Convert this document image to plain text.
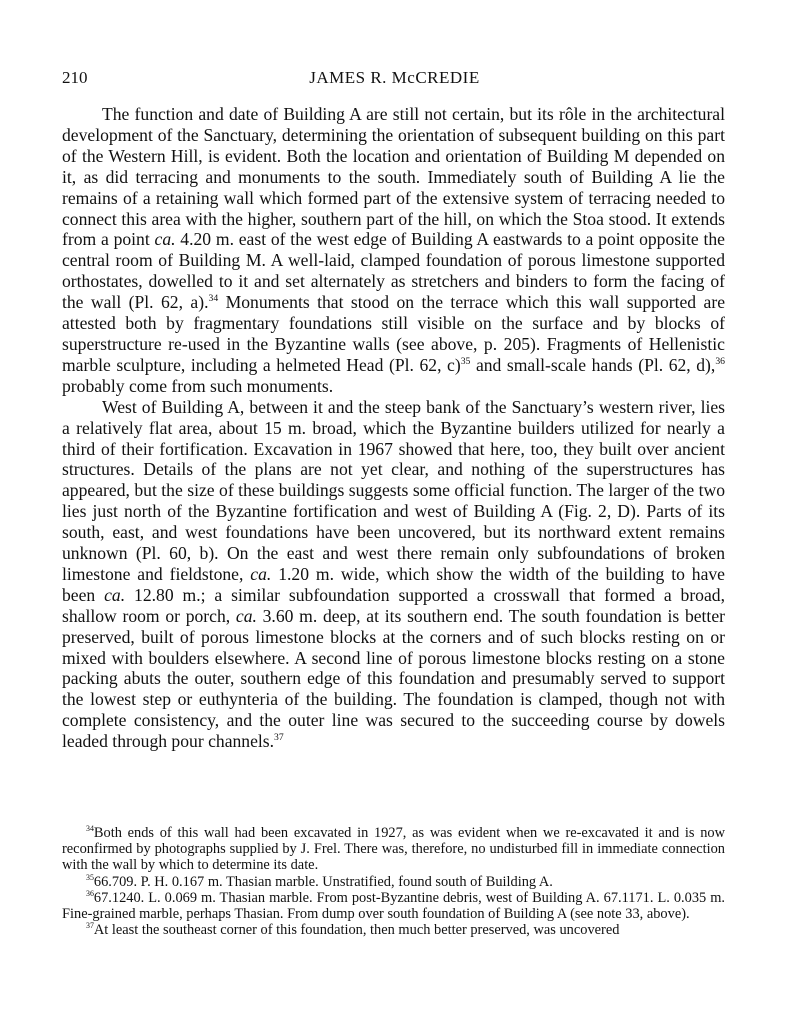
210	JAMES R. McCREDIE

The function and date of Building A are still not certain, but its rôle in the architectural development of the Sanctuary, determining the orientation of subsequent building on this part of the Western Hill, is evident. Both the location and orientation of Building M depended on it, as did terracing and monuments to the south. Immediately south of Building A lie the remains of a retaining wall which formed part of the extensive system of terracing needed to connect this area with the higher, southern part of the hill, on which the Stoa stood. It extends from a point ca. 4.20 m. east of the west edge of Building A eastwards to a point opposite the central room of Building M. A well-laid, clamped foundation of porous limestone supported orthostates, dowelled to it and set alternately as stretchers and binders to form the facing of the wall (Pl. 62, a).$^{34}$ Monuments that stood on the terrace which this wall supported are attested both by fragmentary foundations still visible on the surface and by blocks of superstructure re-used in the Byzantine walls (see above, p. 205). Fragments of Hellenistic marble sculpture, including a helmeted Head (Pl. 62, c)$^{35}$ and small-scale hands (Pl. 62, d),$^{36}$ probably come from such monuments.

West of Building A, between it and the steep bank of the Sanctuary’s western river, lies a relatively flat area, about 15 m. broad, which the Byzantine builders utilized for nearly a third of their fortification. Excavation in 1967 showed that here, too, they built over ancient structures. Details of the plans are not yet clear, and nothing of the superstructures has appeared, but the size of these buildings suggests some official function. The larger of the two lies just north of the Byzantine fortification and west of Building A (Fig. 2, D). Parts of its south, east, and west foundations have been uncovered, but its northward extent remains unknown (Pl. 60, b). On the east and west there remain only subfoundations of broken limestone and fieldstone, ca. 1.20 m. wide, which show the width of the building to have been ca. 12.80 m.; a similar subfoundation supported a crosswall that formed a broad, shallow room or porch, ca. 3.60 m. deep, at its southern end. The south foundation is better preserved, built of porous limestone blocks at the corners and of such blocks resting on or mixed with boulders elsewhere. A second line of porous limestone blocks resting on a stone packing abuts the outer, southern edge of this foundation and presumably served to support the lowest step or euthynteria of the building. The foundation is clamped, though not with complete consistency, and the outer line was secured to the succeeding course by dowels leaded through pour channels.$^{37}$

$^{34}$Both ends of this wall had been excavated in 1927, as was evident when we re-excavated it and is now reconfirmed by photographs supplied by J. Frel. There was, therefore, no undisturbed fill in immediate connection with the wall by which to determine its date.

$^{35}$66.709. P. H. 0.167 m. Thasian marble. Unstratified, found south of Building A.

$^{36}$67.1240. L. 0.069 m. Thasian marble. From post-Byzantine debris, west of Building A. 67.1171. L. 0.035 m. Fine-grained marble, perhaps Thasian. From dump over south foundation of Building A (see note 33, above).

$^{37}$At least the southeast corner of this foundation, then much better preserved, was uncovered
